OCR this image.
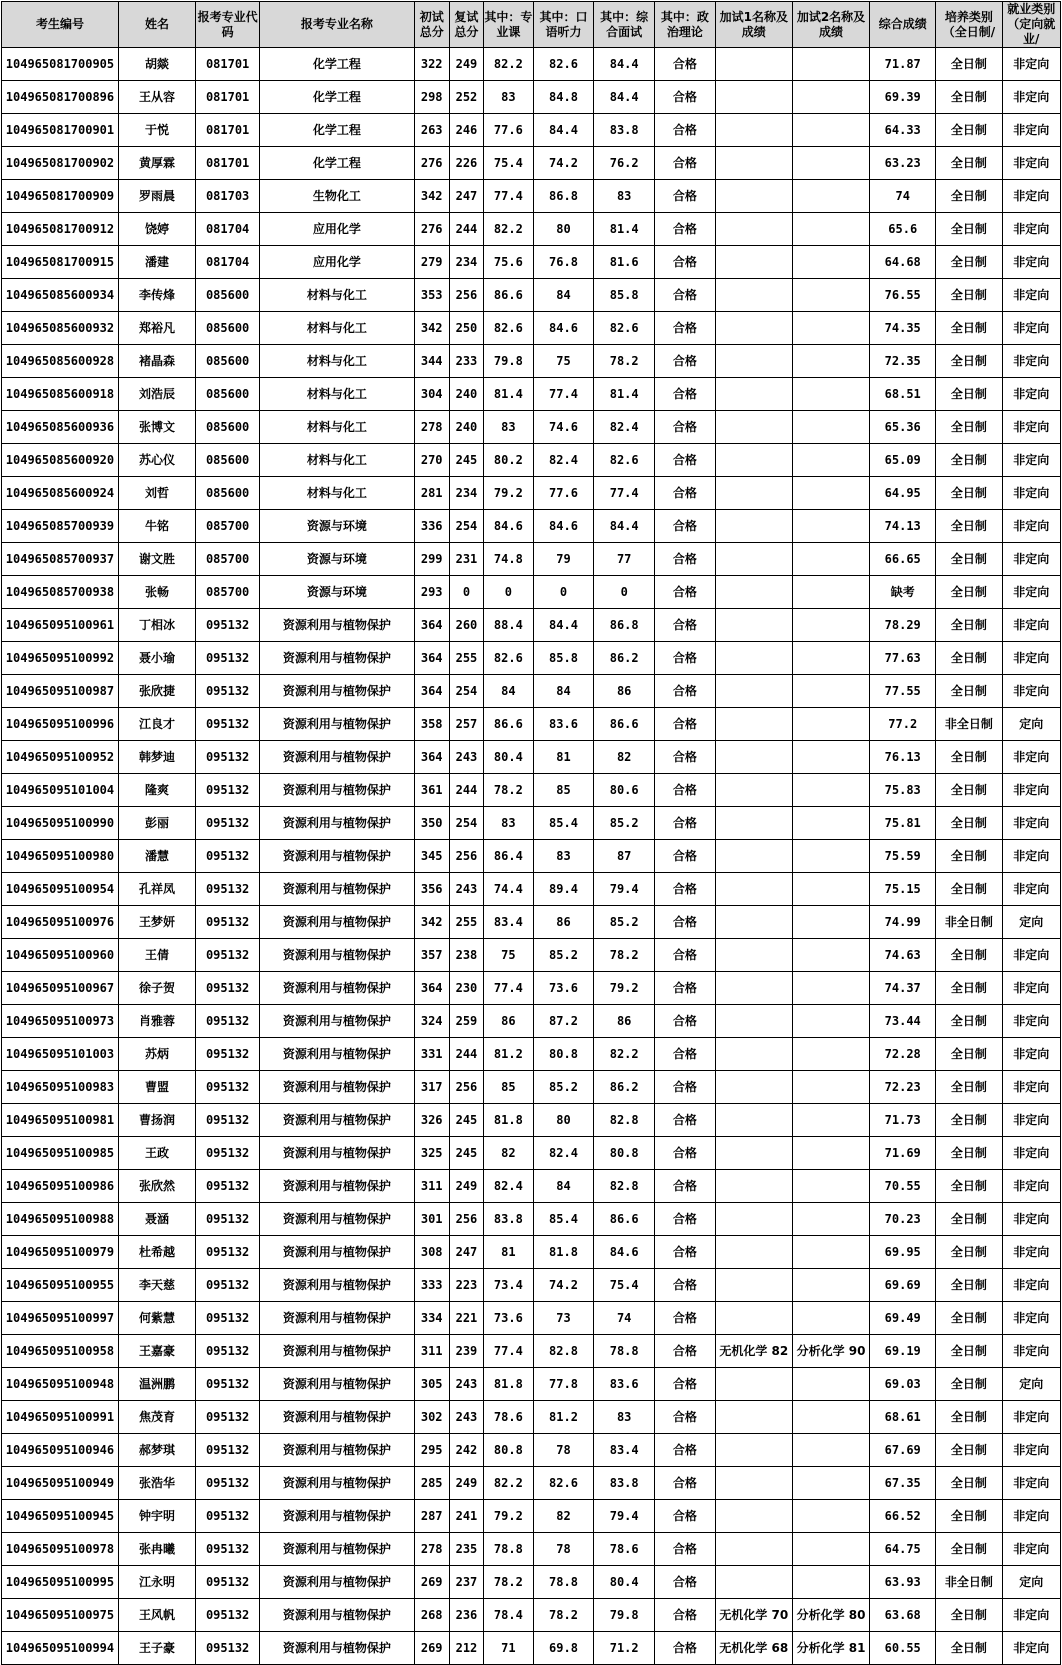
考生编号	姓名	报考专业代码	报考专业名称	初试总分	复试总分	其中：专业课	其中：口语听力	其中：综合面试	其中：政治理论	加试1名称及成绩	加试2名称及成绩	综合成绩	培养类别（全日制/	就业类别（定向就业/
104965081700905	胡燚	081701	化学工程	322	249	82.2	82.6	84.4	合格			71.87	全日制	非定向
104965081700896	王从容	081701	化学工程	298	252	83	84.8	84.4	合格			69.39	全日制	非定向
104965081700901	于悦	081701	化学工程	263	246	77.6	84.4	83.8	合格			64.33	全日制	非定向
104965081700902	黄厚霖	081701	化学工程	276	226	75.4	74.2	76.2	合格			63.23	全日制	非定向
104965081700909	罗雨晨	081703	生物化工	342	247	77.4	86.8	83	合格			74	全日制	非定向
104965081700912	饶婷	081704	应用化学	276	244	82.2	80	81.4	合格			65.6	全日制	非定向
104965081700915	潘建	081704	应用化学	279	234	75.6	76.8	81.6	合格			64.68	全日制	非定向
104965085600934	李传烽	085600	材料与化工	353	256	86.6	84	85.8	合格			76.55	全日制	非定向
104965085600932	郑裕凡	085600	材料与化工	342	250	82.6	84.6	82.6	合格			74.35	全日制	非定向
104965085600928	褚晶森	085600	材料与化工	344	233	79.8	75	78.2	合格			72.35	全日制	非定向
104965085600918	刘浩辰	085600	材料与化工	304	240	81.4	77.4	81.4	合格			68.51	全日制	非定向
104965085600936	张博文	085600	材料与化工	278	240	83	74.6	82.4	合格			65.36	全日制	非定向
104965085600920	苏心仪	085600	材料与化工	270	245	80.2	82.4	82.6	合格			65.09	全日制	非定向
104965085600924	刘哲	085600	材料与化工	281	234	79.2	77.6	77.4	合格			64.95	全日制	非定向
104965085700939	牛铭	085700	资源与环境	336	254	84.6	84.6	84.4	合格			74.13	全日制	非定向
104965085700937	谢文胜	085700	资源与环境	299	231	74.8	79	77	合格			66.65	全日制	非定向
104965085700938	张畅	085700	资源与环境	293	0	0	0	0	合格			缺考	全日制	非定向
104965095100961	丁相冰	095132	资源利用与植物保护	364	260	88.4	84.4	86.8	合格			78.29	全日制	非定向
104965095100992	聂小瑜	095132	资源利用与植物保护	364	255	82.6	85.8	86.2	合格			77.63	全日制	非定向
104965095100987	张欣捷	095132	资源利用与植物保护	364	254	84	84	86	合格			77.55	全日制	非定向
104965095100996	江良才	095132	资源利用与植物保护	358	257	86.6	83.6	86.6	合格			77.2	非全日制	定向
104965095100952	韩梦迪	095132	资源利用与植物保护	364	243	80.4	81	82	合格			76.13	全日制	非定向
104965095101004	隆爽	095132	资源利用与植物保护	361	244	78.2	85	80.6	合格			75.83	全日制	非定向
104965095100990	彭丽	095132	资源利用与植物保护	350	254	83	85.4	85.2	合格			75.81	全日制	非定向
104965095100980	潘慧	095132	资源利用与植物保护	345	256	86.4	83	87	合格			75.59	全日制	非定向
104965095100954	孔祥凤	095132	资源利用与植物保护	356	243	74.4	89.4	79.4	合格			75.15	全日制	非定向
104965095100976	王梦妍	095132	资源利用与植物保护	342	255	83.4	86	85.2	合格			74.99	非全日制	定向
104965095100960	王倩	095132	资源利用与植物保护	357	238	75	85.2	78.2	合格			74.63	全日制	非定向
104965095100967	徐子贺	095132	资源利用与植物保护	364	230	77.4	73.6	79.2	合格			74.37	全日制	非定向
104965095100973	肖雅蓉	095132	资源利用与植物保护	324	259	86	87.2	86	合格			73.44	全日制	非定向
104965095101003	苏炳	095132	资源利用与植物保护	331	244	81.2	80.8	82.2	合格			72.28	全日制	非定向
104965095100983	曹盟	095132	资源利用与植物保护	317	256	85	85.2	86.2	合格			72.23	全日制	非定向
104965095100981	曹扬润	095132	资源利用与植物保护	326	245	81.8	80	82.8	合格			71.73	全日制	非定向
104965095100985	王政	095132	资源利用与植物保护	325	245	82	82.4	80.8	合格			71.69	全日制	非定向
104965095100986	张欣然	095132	资源利用与植物保护	311	249	82.4	84	82.8	合格			70.55	全日制	非定向
104965095100988	聂涵	095132	资源利用与植物保护	301	256	83.8	85.4	86.6	合格			70.23	全日制	非定向
104965095100979	杜希越	095132	资源利用与植物保护	308	247	81	81.8	84.6	合格			69.95	全日制	非定向
104965095100955	李天慈	095132	资源利用与植物保护	333	223	73.4	74.2	75.4	合格			69.69	全日制	非定向
104965095100997	何紫慧	095132	资源利用与植物保护	334	221	73.6	73	74	合格			69.49	全日制	非定向
104965095100958	王嘉豪	095132	资源利用与植物保护	311	239	77.4	82.8	78.8	合格	无机化学 82	分析化学 90	69.19	全日制	非定向
104965095100948	温洲鹏	095132	资源利用与植物保护	305	243	81.8	77.8	83.6	合格			69.03	全日制	定向
104965095100991	焦茂育	095132	资源利用与植物保护	302	243	78.6	81.2	83	合格			68.61	全日制	非定向
104965095100946	郝梦琪	095132	资源利用与植物保护	295	242	80.8	78	83.4	合格			67.69	全日制	非定向
104965095100949	张浩华	095132	资源利用与植物保护	285	249	82.2	82.6	83.8	合格			67.35	全日制	非定向
104965095100945	钟宇明	095132	资源利用与植物保护	287	241	79.2	82	79.4	合格			66.52	全日制	非定向
104965095100978	张冉曦	095132	资源利用与植物保护	278	235	78.8	78	78.6	合格			64.75	全日制	非定向
104965095100995	江永明	095132	资源利用与植物保护	269	237	78.2	78.8	80.4	合格			63.93	非全日制	定向
104965095100975	王风帆	095132	资源利用与植物保护	268	236	78.4	78.2	79.8	合格	无机化学 70	分析化学 80	63.68	全日制	非定向
104965095100994	王子豪	095132	资源利用与植物保护	269	212	71	69.8	71.2	合格	无机化学 68	分析化学 81	60.55	全日制	非定向
